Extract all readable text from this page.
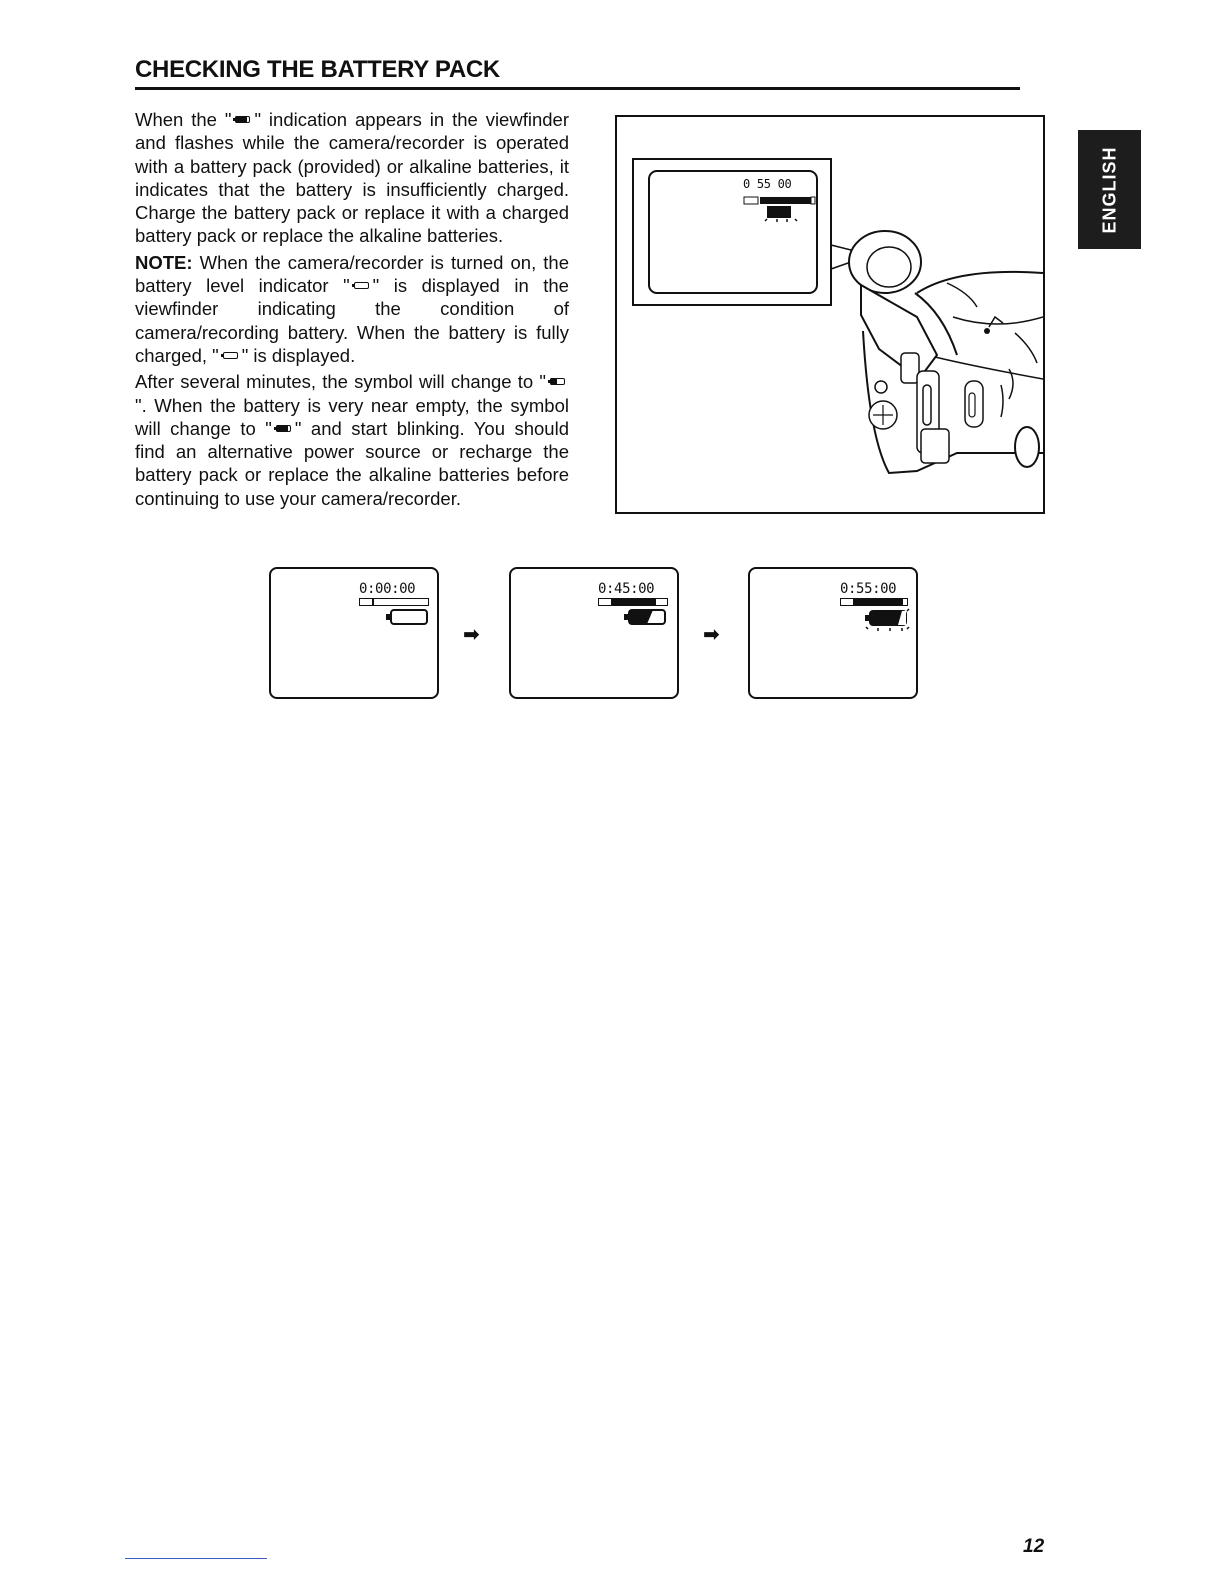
CHECKING THE BATTERY PACK

When the " " indication appears in the viewfinder and flashes while the camera/recorder is operated with a battery pack (provided) or alkaline batteries, it indicates that the battery is insufficiently charged. Charge the battery pack or replace it with a charged battery pack or replace the alkaline batteries.

NOTE: When the camera/recorder is turned on, the battery level indicator " " is displayed in the viewfinder indicating the condition of camera/recording battery. When the battery is fully charged, " " is displayed.

After several minutes, the symbol will change to "
". When the battery is very near empty, the symbol will change to " " and start blinking. You should find an alternative power source or recharge the battery pack or replace the alkaline batteries before continuing to use your camera/recorder.

ENGLISH
0 55 00
0:00:00
➡
0:45:00
➡
0:55:00
12
